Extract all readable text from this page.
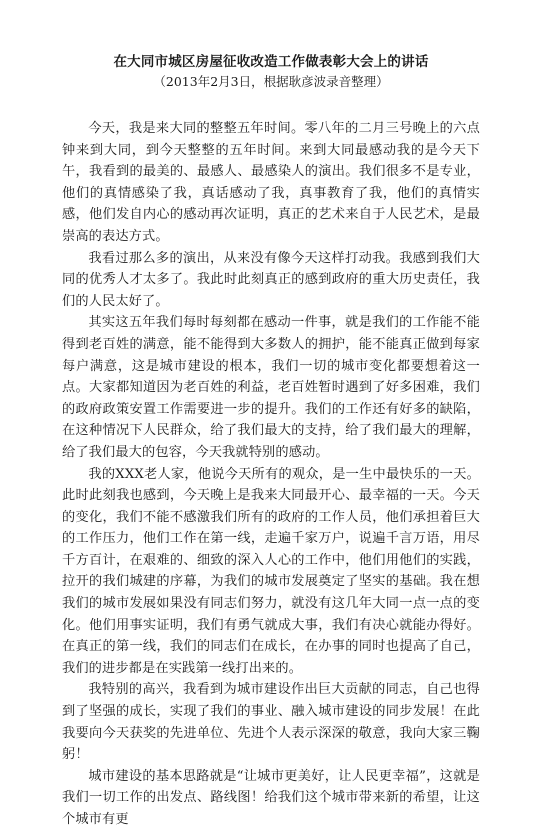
在大同市城区房屋征收改造工作做表彰大会上的讲话
（2013年2月3日，根据耿彦波录音整理）

今天，我是来大同的整整五年时间。零八年的二月三号晚上的六点钟来到大同，到今天整整的五年时间。来到大同最感动我的是今天下午，我看到的最美的、最感人、最感染人的演出。我们很多不是专业，他们的真情感染了我，真话感动了我，真事教育了我，他们的真情实感，他们发自内心的感动再次证明，真正的艺术来自于人民艺术，是最崇高的表达方式。

我看过那么多的演出，从来没有像今天这样打动我。我感到我们大同的优秀人才太多了。我此时此刻真正的感到政府的重大历史责任，我们的人民太好了。

其实这五年我们每时每刻都在感动一件事，就是我们的工作能不能得到老百姓的满意，能不能得到大多数人的拥护，能不能真正做到每家每户满意，这是城市建设的根本，我们一切的城市变化都要想着这一点。大家都知道因为老百姓的利益，老百姓暂时遇到了好多困难，我们的政府政策安置工作需要进一步的提升。我们的工作还有好多的缺陷，在这种情况下人民群众，给了我们最大的支持，给了我们最大的理解，给了我们最大的包容，今天我就特别的感动。

我的XXX老人家，他说今天所有的观众，是一生中最快乐的一天。此时此刻我也感到，今天晚上是我来大同最开心、最幸福的一天。今天的变化，我们不能不感激我们所有的政府的工作人员，他们承担着巨大的工作压力，他们工作在第一线，走遍千家万户，说遍千言万语，用尽千方百计，在艰难的、细致的深入人心的工作中，他们用他们的实践，拉开的我们城建的序幕，为我们的城市发展奠定了坚实的基础。我在想我们的城市发展如果没有同志们努力，就没有这几年大同一点一点的变化。他们用事实证明，我们有勇气就成大事，我们有决心就能办得好。在真正的第一线，我们的同志们在成长，在办事的同时也提高了自己，我们的进步都是在实践第一线打出来的。

我特别的高兴，我看到为城市建设作出巨大贡献的同志，自己也得到了坚强的成长，实现了我们的事业、融入城市建设的同步发展！在此我要向今天获奖的先进单位、先进个人表示深深的敬意，我向大家三鞠躬！

城市建设的基本思路就是“让城市更美好，让人民更幸福”，这就是我们一切工作的出发点、路线图！给我们这个城市带来新的希望，让这个城市有更
